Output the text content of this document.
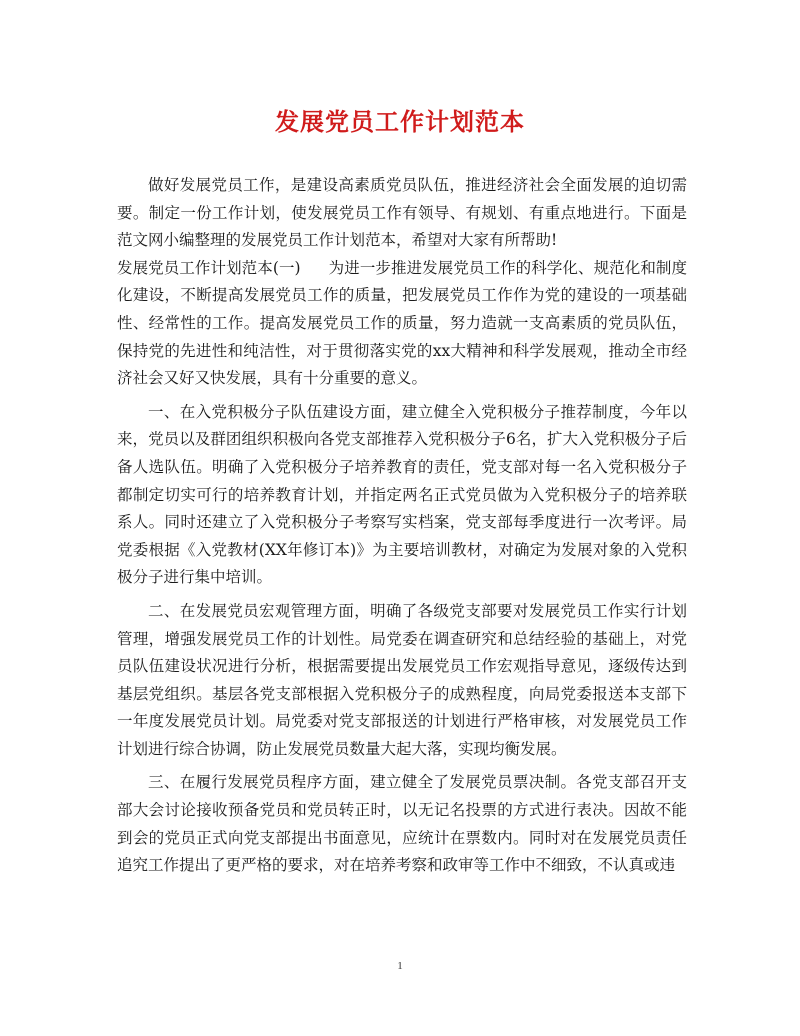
发展党员工作计划范本

做好发展党员工作，是建设高素质党员队伍，推进经济社会全面发展的迫切需要。制定一份工作计划，使发展党员工作有领导、有规划、有重点地进行。下面是范文网小编整理的发展党员工作计划范本，希望对大家有所帮助!

发展党员工作计划范本(一) 为进一步推进发展党员工作的科学化、规范化和制度化建设，不断提高发展党员工作的质量，把发展党员工作作为党的建设的一项基础性、经常性的工作。提高发展党员工作的质量，努力造就一支高素质的党员队伍，保持党的先进性和纯洁性，对于贯彻落实党的xx大精神和科学发展观，推动全市经济社会又好又快发展，具有十分重要的意义。

一、在入党积极分子队伍建设方面，建立健全入党积极分子推荐制度，今年以来，党员以及群团组织积极向各党支部推荐入党积极分子6名，扩大入党积极分子后备人选队伍。明确了入党积极分子培养教育的责任，党支部对每一名入党积极分子都制定切实可行的培养教育计划，并指定两名正式党员做为入党积极分子的培养联系人。同时还建立了入党积极分子考察写实档案，党支部每季度进行一次考评。局党委根据《入党教材(XX年修订本)》为主要培训教材，对确定为发展对象的入党积极分子进行集中培训。

二、在发展党员宏观管理方面，明确了各级党支部要对发展党员工作实行计划管理，增强发展党员工作的计划性。局党委在调查研究和总结经验的基础上，对党员队伍建设状况进行分析，根据需要提出发展党员工作宏观指导意见，逐级传达到基层党组织。基层各党支部根据入党积极分子的成熟程度，向局党委报送本支部下一年度发展党员计划。局党委对党支部报送的计划进行严格审核，对发展党员工作计划进行综合协调，防止发展党员数量大起大落，实现均衡发展。

三、在履行发展党员程序方面，建立健全了发展党员票决制。各党支部召开支部大会讨论接收预备党员和党员转正时，以无记名投票的方式进行表决。因故不能到会的党员正式向党支部提出书面意见，应统计在票数内。同时对在发展党员责任追究工作提出了更严格的要求，对在培养考察和政审等工作中不细致，不认真或违

1
